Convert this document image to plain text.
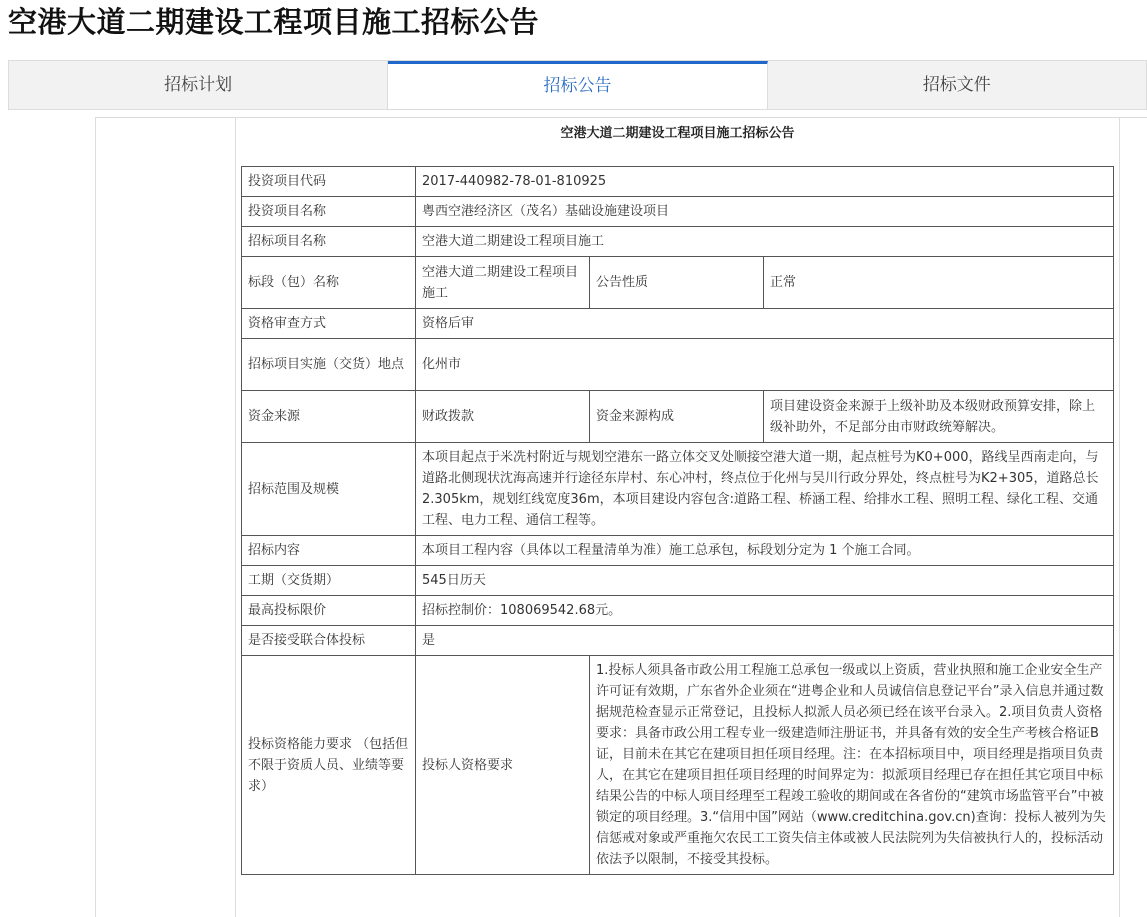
空港大道二期建设工程项目施工招标公告
招标计划	招标公告	招标文件
空港大道二期建设工程项目施工招标公告
投资项目代码	2017-440982-78-01-810925		
投资项目名称	粤西空港经济区（茂名）基础设施建设项目		
招标项目名称	空港大道二期建设工程项目施工		
标段（包）名称	空港大道二期建设工程项目施工	公告性质	正常
资格审查方式	资格后审		
招标项目实施（交货）地点	化州市		
资金来源	财政拨款	资金来源构成	项目建设资金来源于上级补助及本级财政预算安排，除上级补助外，不足部分由市财政统筹解决。
招标范围及规模	本项目起点于米冼村附近与规划空港东一路立体交叉处顺接空港大道一期，起点桩号为K0+000，路线呈西南走向，与道路北侧现状沈海高速并行途径东岸村、东心冲村，终点位于化州与吴川行政分界处，终点桩号为K2+305，道路总长2.305km，规划红线宽度36m，本项目建设内容包含:道路工程、桥涵工程、给排水工程、照明工程、绿化工程、交通工程、电力工程、通信工程等。		
招标内容	本项目工程内容（具体以工程量清单为准）施工总承包，标段划分定为 1 个施工合同。		
工期（交货期）	545日历天		
最高投标限价	招标控制价：108069542.68元。		
是否接受联合体投标	是		
投标资格能力要求 （包括但不限于资质人员、业绩等要求）	投标人资格要求	1.投标人须具备市政公用工程施工总承包一级或以上资质，营业执照和施工企业安全生产许可证有效期，广东省外企业须在“进粤企业和人员诚信信息登记平台”录入信息并通过数据规范检查显示正常登记，且投标人拟派人员必须已经在该平台录入。2.项目负责人资格要求：具备市政公用工程专业一级建造师注册证书，并具备有效的安全生产考核合格证B证，目前未在其它在建项目担任项目经理。注：在本招标项目中，项目经理是指项目负责人，在其它在建项目担任项目经理的时间界定为：拟派项目经理已存在担任其它项目中标结果公告的中标人项目经理至工程竣工验收的期间或在各省份的“建筑市场监管平台”中被锁定的项目经理。3.“信用中国”网站（www.creditchina.gov.cn)查询：投标人被列为失信惩戒对象或严重拖欠农民工工资失信主体或被人民法院列为失信被执行人的，投标活动依法予以限制，不接受其投标。	
